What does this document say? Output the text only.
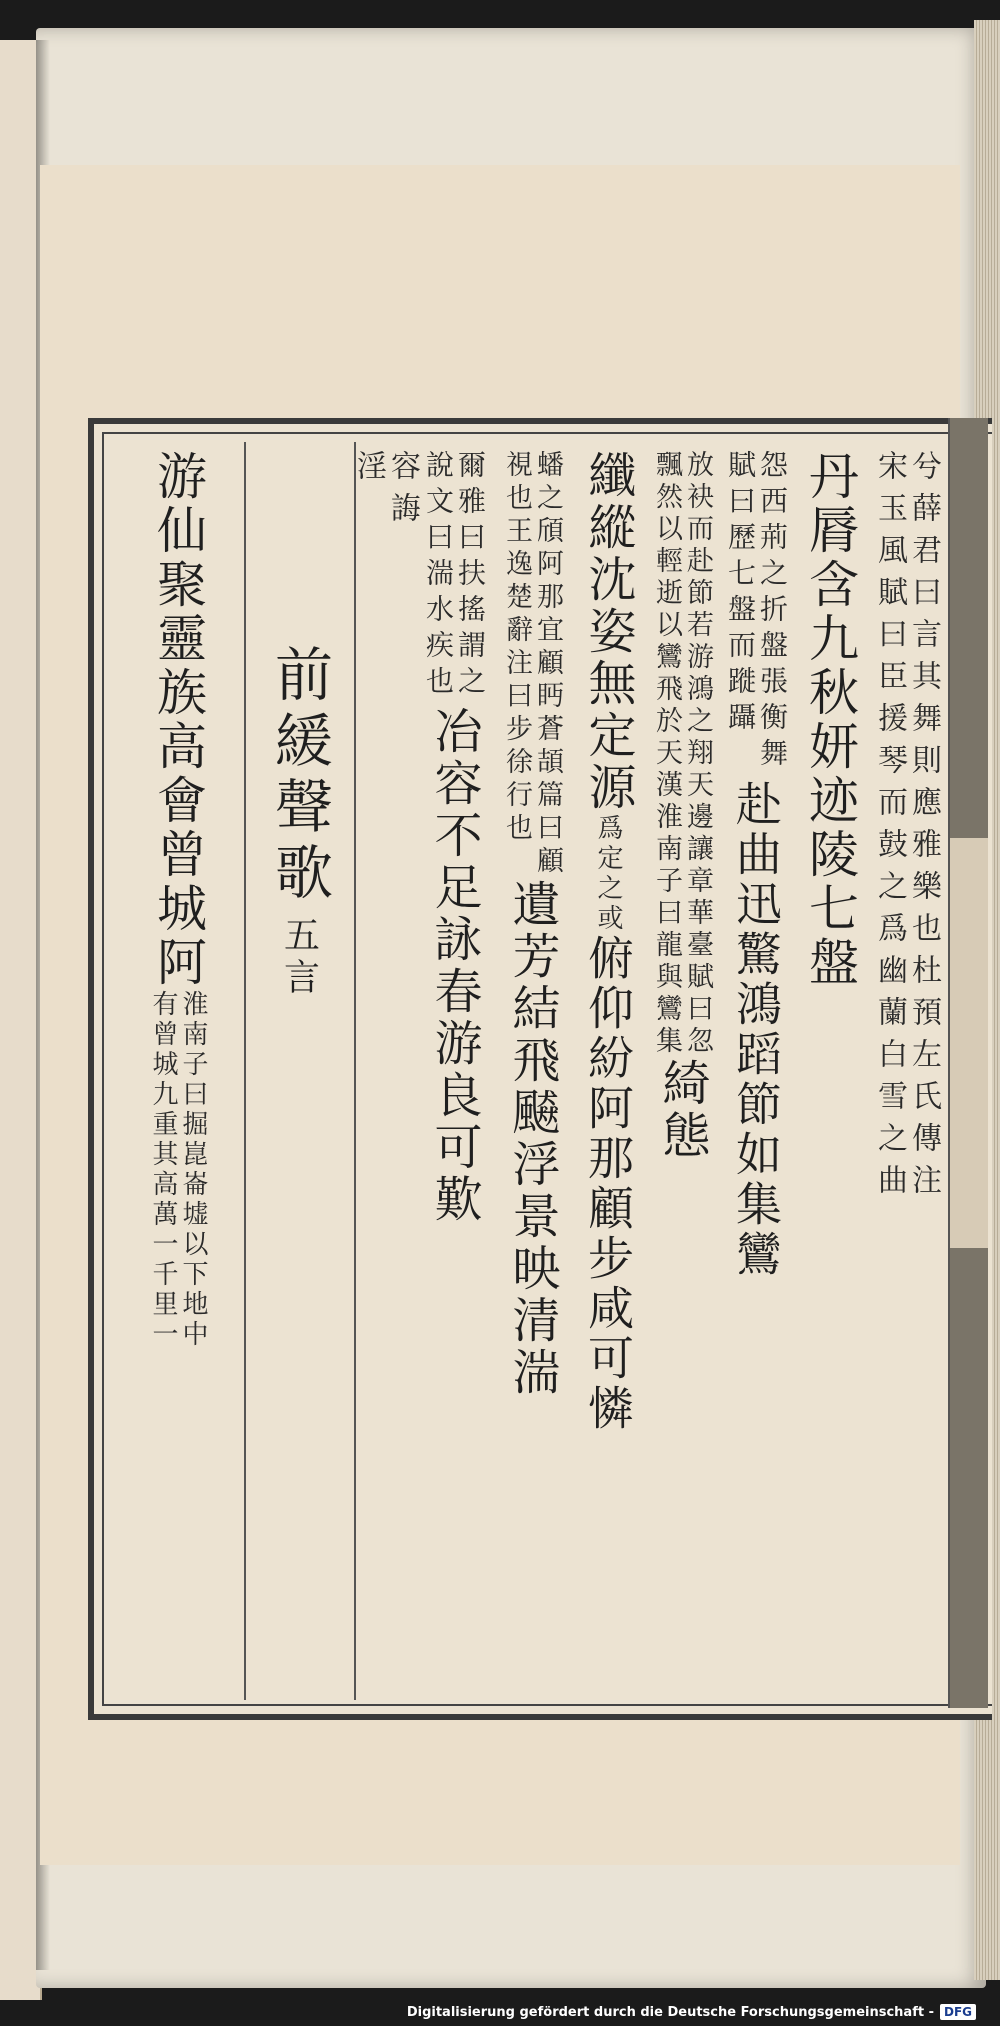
兮薛君曰言其舞則應雅樂也杜預左氏傳注
宋玉風賦曰臣援琴而鼓之爲幽蘭白雪之曲
丹脣含九秋妍迹陵七盤
怨西荊之折盤張衡舞
賦曰歷七盤而蹝躡
赴曲迅驚鴻蹈節如集鸞
放袂而赴節若游鴻之翔天邊讓章華臺賦曰忽
飄然以輕逝以鸞飛於天漢淮南子曰龍與鸞集
綺態
纖縱沈姿無定源
爲定之或
俯仰紛阿那顧步咸可憐
蟠之頎阿那宜顧眄蒼頡篇曰顧
視也王逸楚辭注曰步徐行也
遺芳結飛飇浮景映清湍
爾雅曰扶搖謂之
說文曰湍水疾也
冶容不足詠春游良可歎
容誨
淫
前緩聲歌
五言
游仙聚靈族高會曾城阿
淮南子曰掘崑崙墟以下地中
有曾城九重其高萬一千里一
Digitalisierung gefördert durch die Deutsche Forschungsgemeinschaft - DFG
